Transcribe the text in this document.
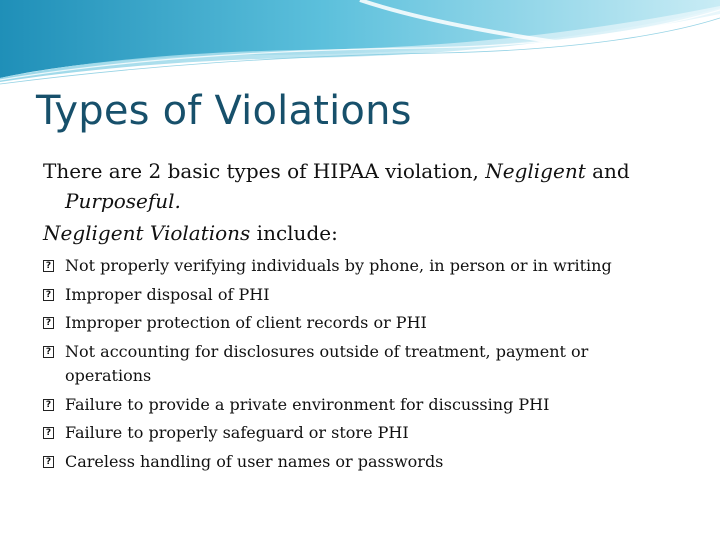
Types of Violations

There are 2 basic types of HIPAA violation, Negligent and Purposeful.

Negligent Violations include:

? Not properly verifying individuals by phone, in person or in writing
? Improper disposal of PHI
? Improper protection of client records or PHI
? Not accounting for disclosures outside of treatment, payment or operations
? Failure to provide a private environment for discussing PHI
? Failure to properly safeguard or store PHI
? Careless handling of user names or passwords
